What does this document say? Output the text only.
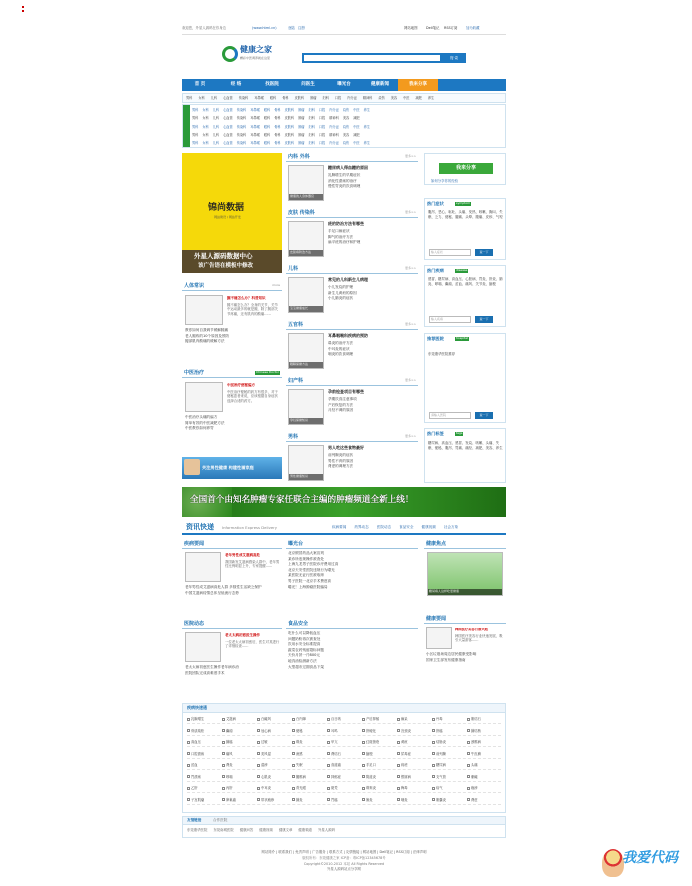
欢迎您，外星人源码在你身边	(www.html.cn)	登陆 注册	网站地图 Dell笔记 RSS订阅	加为收藏
健康之家
精彩中医调养就在这里	搜 索
首 页	经 络	找医院	问医生	曝光台	健康新闻	我来分享
男科 女科 儿科 心血管 传染科 耳鼻喉 眼科 骨科 皮肤科 肿瘤 妇科 口腔 内分泌 精神科 烧伤 美容 中医 减肥 养生
男科 女科 儿科 心血管 传染科 耳鼻喉 眼科 骨科 皮肤科 肿瘤 妇科 口腔 内分泌 烧伤 中医 养生
男科 女科 儿科 心血管 传染科 耳鼻喉 眼科 骨科 皮肤科 肿瘤 妇科 口腔 精神科 美容 减肥
男科 女科 儿科 心血管 传染科 耳鼻喉 眼科 骨科 皮肤科 肿瘤 妇科 口腔 内分泌 烧伤 中医 养生
男科 女科 儿科 心血管 传染科 耳鼻喉 眼科 骨科 皮肤科 肿瘤 妇科 口腔 精神科 美容 减肥
男科 女科 儿科 心血管 传染科 耳鼻喉 眼科 骨科 皮肤科 肿瘤 妇科 口腔 内分泌 烧伤 中医 养生
锦尚数据
网站建设 / 网站开发
外星人源码数据中心
该广告语在模板中修改
人体常识	more
腿不痛怎么办？科普知识
腿不痛怎么办？全身的关节，关节中运动最多的就是腿，除了腿部关节疼痛，还有肌肉的酸痛......
教你如何自我调节缓解腿痛
老人腿疼的10个原因及预防
腿部肌肉酸痛的缓解方法
中医治疗	Chinese Doctor
中医治疗便秘偏方
中医治疗便秘的药方有很多，对于便秘患者来说，应该根据自身症状选择合适的药方。
中医治疗头痛的偏方
简单有效的中医减肥方法
中医教你如何养胃
关注男性健康 构建性福家庭
内科 外科	更多>>
健康的人身体器官
糖尿病人得血糖的原因
乳腺增生的早期症状
消化性溃疡的治疗
慢性胃炎的饮食调理
皮肤 传染科	更多>>
皮肤病防治方法
疣的防治方法有哪些
手足口病症状
脚气的治疗方法
扁平疣的治疗和护理
儿科	更多>>
宝宝健康成长
常见的儿科新生儿病理
小儿发烧的护理
新生儿黄疸的原因
小儿肺炎的症状
五官科	更多>>
眼睛保健方法
耳鼻咽喉科疾病的预防
鼻炎的治疗方法
中耳炎的症状
咽炎的饮食调理
妇产科	更多>>
孕妇保健知识
孕前检查项目有哪些
孕期饮食注意事项
产后恢复的方法
月经不调的原因
男科	更多>>
男性健康知识
男人吃这些食物最好
前列腺炎的症状
男性不育的原因
肾虚的调理方法
我来分享
如何分享你的经验
热门症状	symptom
腹泻、恶心、呕吐、头痛、发热、咳嗽、胸闷、失眠、乏力、便秘、腰痛、头晕、腹痛、皮疹、气短
输入症状	查一下
热门疾病	disease
感冒、糖尿病、高血压、心脏病、胃炎、肝炎、肺炎、哮喘、癫痫、贫血、痛风、关节炎、脑梗
输入疾病	查一下
推荐医院	hospital
东莞康华医院推荐
请输入医院	查一下
热门标签	tags
糖尿病、高血压、感冒、发烧、咳嗽、头痛、失眠、便秘、腹泻、胃痛、痛经、减肥、美容、养生
全国首个由知名肿瘤专家任联合主编的肿瘤频道全新上线！
资讯快递 Information Express Delivery	疾病要闻 药界动态 医院动态 食品安全 健康视频 社会万象
疾病要闻
老年男性成艾滋病高危
我国新发艾滋病感染人群中，老年男性比例明显上升，专家提醒......
老年男性成艾滋病高危人群 多数性生活缺乏保护
中国艾滋病疫情总体呈低流行态势
医院动态
老太太病初愈医生操作
一位老太太病初愈后，医生对其进行了详细检查......
老太太病初愈医生操作老年病诊治
医院团队完成高难度手术
曝光台
北京假冒药品大案宣判
某诊所违规操作被查处
上海九龙男子医院诊疗费用过高
北京天安堂医院违规行为曝光
某医院无证行医被取缔
男子医院一北京手术费虚高
曝光！上海肿瘤医院骗局
食品安全
吃什么可以降低血压
问题奶粉再次被查处
饮用水安全标准提高
蔬菜农药残留超标问题
天价月饼一斤800元
地沟油检测新方法
大型超市过期食品下架
健康焦点
糖尿病人这样吃更健康
健康要闻
韩国医疗美容日渐兴起
韩国医疗美容行业快速发展，吸引大量游客......
小区垃圾场周边居民健康受影响
国家卫生部发布健康指南
疾病快速通
乳腺增生	艾滋病	白癜风	白内障	百日咳	产后抑郁	痴呆	丹毒	胆结石
骨质疏松	癫痫	冠心病	便秘	耳鸣	肝硬化	宫颈炎	肝癌	肺结核
高血压	肺癌	过敏	鼻炎	甲亢	红斑狼疮	黄疸	结肠炎	颈椎病
口腔溃疡	痛风	类风湿	流感	肾结石	脑梗	尿毒症	前列腺	牛皮癣
贫血	肾炎	湿疹	失眠	食道癌	手足口	痔疮	糖尿病	头痛
胃溃疡	哮喘	心肌炎	腰椎病	抑郁症	阴道炎	银屑病	支气管	紫癜
乙肝	丙肝	中耳炎	青光眼	斑秃	鼻窦炎	梅毒	疝气	疱疹
子宫肌瘤	卵巢癌	带状疱疹	肺炎	胃癌	肠炎	咽炎	胆囊炎	肾虚
友情链接	合作医院
东莞康华医院 东莞南城医院 健康问答 健康视频 健康文章 健康频道 外星人源码
网站简介 | 联系我们 | 免责声明 | 广告服务 | 联系方式 | 友情链接 | 网站地图 | Dell笔记 | RSS订阅 | 法律声明
版权所有：东莞健康之家 ICP备：粤ICP备12345678号
Copyright©2010-2012 本站 All Rights Reserved
外星人源码站点分享网
我爱代码
